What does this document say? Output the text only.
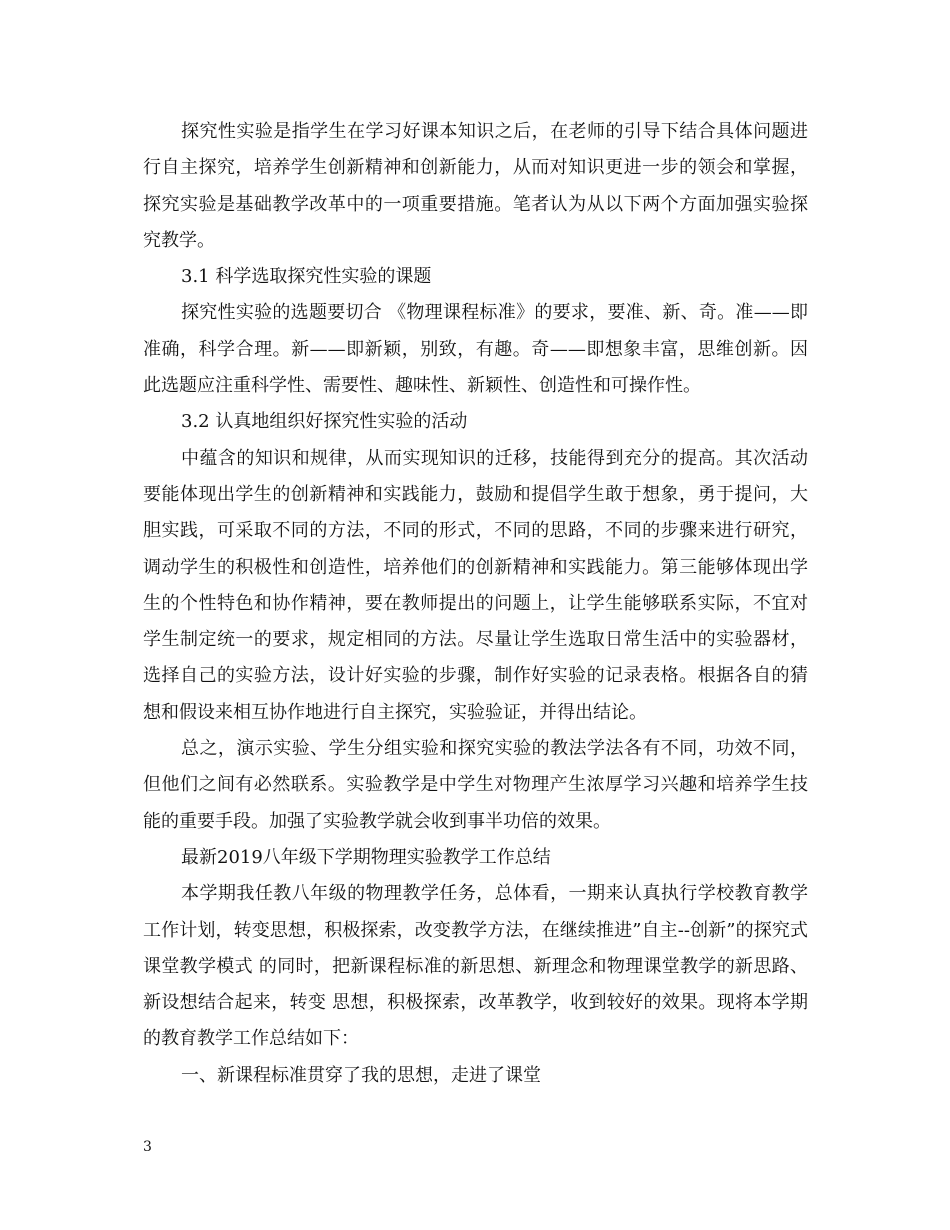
探究性实验是指学生在学习好课本知识之后，在老师的引导下结合具体问题进行自主探究，培养学生创新精神和创新能力，从而对知识更进一步的领会和掌握，探究实验是基础教学改革中的一项重要措施。笔者认为从以下两个方面加强实验探究教学。

3.1 科学选取探究性实验的课题

探究性实验的选题要切合 《物理课程标准》的要求，要准、新、奇。准——即准确，科学合理。新——即新颖，别致，有趣。奇——即想象丰富，思维创新。因此选题应注重科学性、需要性、趣味性、新颖性、创造性和可操作性。

3.2 认真地组织好探究性实验的活动

中蕴含的知识和规律，从而实现知识的迁移，技能得到充分的提高。其次活动要能体现出学生的创新精神和实践能力，鼓励和提倡学生敢于想象，勇于提问，大胆实践，可采取不同的方法，不同的形式，不同的思路，不同的步骤来进行研究，调动学生的积极性和创造性，培养他们的创新精神和实践能力。第三能够体现出学生的个性特色和协作精神，要在教师提出的问题上，让学生能够联系实际，不宜对学生制定统一的要求，规定相同的方法。尽量让学生选取日常生活中的实验器材，选择自己的实验方法，设计好实验的步骤，制作好实验的记录表格。根据各自的猜想和假设来相互协作地进行自主探究，实验验证，并得出结论。

总之，演示实验、学生分组实验和探究实验的教法学法各有不同，功效不同，但他们之间有必然联系。实验教学是中学生对物理产生浓厚学习兴趣和培养学生技能的重要手段。加强了实验教学就会收到事半功倍的效果。

最新2019八年级下学期物理实验教学工作总结

本学期我任教八年级的物理教学任务，总体看，一期来认真执行学校教育教学工作计划，转变思想，积极探索，改变教学方法，在继续推进”自主--创新”的探究式课堂教学模式 的同时，把新课程标准的新思想、新理念和物理课堂教学的新思路、新设想结合起来，转变 思想，积极探索，改革教学，收到较好的效果。现将本学期的教育教学工作总结如下：

一、新课程标准贯穿了我的思想，走进了课堂

3
